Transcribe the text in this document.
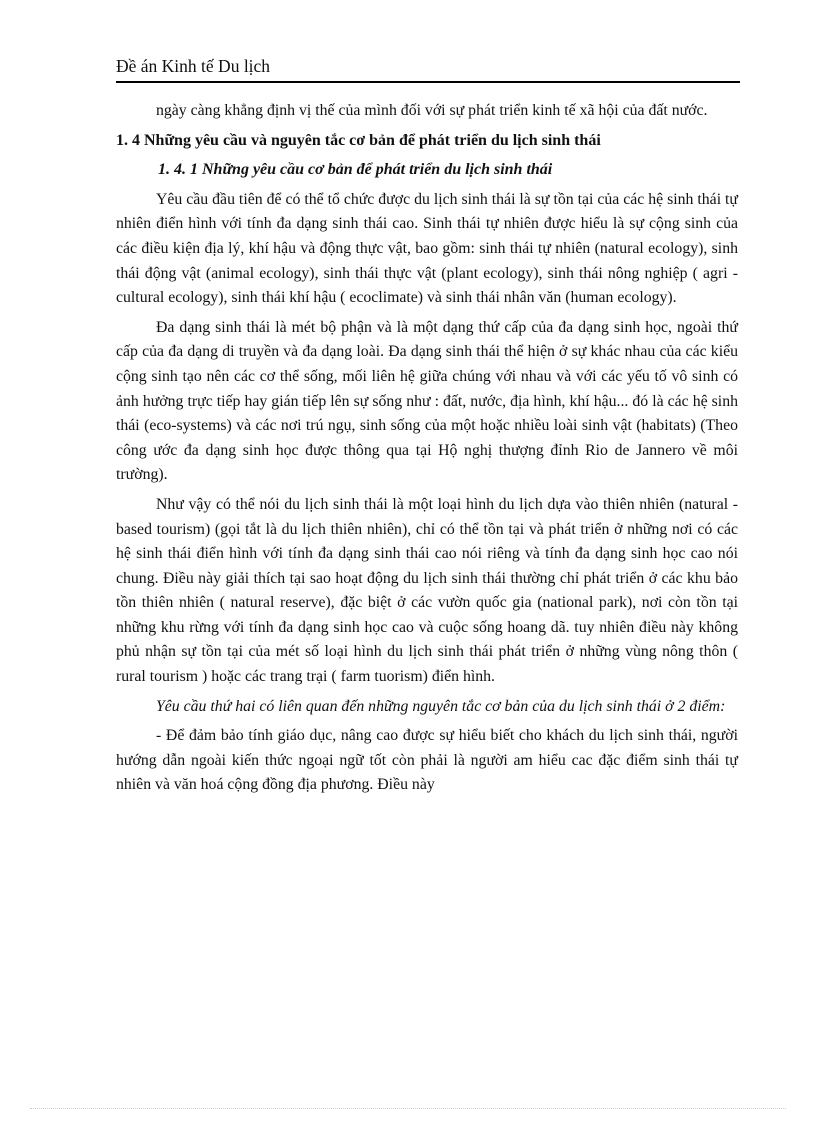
Đề án Kinh tế Du lịch

ngày càng khẳng định vị thế của mình đối với sự phát triển kinh tế xã hội của đất nước.

1. 4 Những yêu cầu và nguyên tắc cơ bản để phát triển du lịch sinh thái
1. 4. 1 Những yêu cầu cơ bản để phát triển du lịch sinh thái

Yêu cầu đầu tiên để có thể tổ chức được du lịch sinh thái là sự tồn tại của các hệ sinh thái tự nhiên điển hình với tính đa dạng sinh thái cao. Sinh thái tự nhiên được hiểu là sự cộng sinh của các điều kiện địa lý, khí hậu và động thực vật, bao gồm: sinh thái tự nhiên (natural ecology), sinh thái động vật (animal ecology), sinh thái thực vật (plant ecology), sinh thái nông nghiệp ( agri - cultural ecology), sinh thái khí hậu ( ecoclimate) và sinh thái nhân văn (human ecology).

Đa dạng sinh thái là mét bộ phận và là một dạng thứ cấp của đa dạng sinh học, ngoài thứ cấp của đa dạng di truyền và đa dạng loài. Đa dạng sinh thái thể hiện ở sự khác nhau của các kiểu cộng sinh tạo nên các cơ thể sống, mối liên hệ giữa chúng với nhau và với các yếu tố vô sinh có ảnh hưởng trực tiếp hay gián tiếp lên sự sống như : đất, nước, địa hình, khí hậu... đó là các hệ sinh thái (eco-systems) và các nơi trú ngụ, sinh sống của một hoặc nhiều loài sinh vật (habitats) (Theo công ước đa dạng sinh học được thông qua tại Hộ nghị thượng đỉnh Rio de Jannero về môi trường).

Như vậy có thể nói du lịch sinh thái là một loại hình du lịch dựa vào thiên nhiên (natural - based tourism) (gọi tắt là du lịch thiên nhiên), chỉ có thể tồn tại và phát triển ở những nơi có các hệ sinh thái điển hình với tính đa dạng sinh thái cao nói riêng và tính đa dạng sinh học cao nói chung. Điều này giải thích tại sao hoạt động du lịch sinh thái thường chỉ phát triển ở các khu bảo tồn thiên nhiên ( natural reserve), đặc biệt ở các vườn quốc gia (national park), nơi còn tồn tại những khu rừng với tính đa dạng sinh học cao và cuộc sống hoang dã. tuy nhiên điều này không phủ nhận sự tồn tại của mét số loại hình du lịch sinh thái phát triển ở những vùng nông thôn ( rural tourism ) hoặc các trang trại ( farm tuorism) điển hình.

Yêu cầu thứ hai có liên quan đến những nguyên tắc cơ bản của du lịch sinh thái ở 2 điểm:

- Để đảm bảo tính giáo dục, nâng cao được sự hiểu biết cho khách du lịch sinh thái, người hướng dẫn ngoài kiến thức ngoại ngữ tốt còn phải là người am hiểu cac đặc điểm sinh thái tự nhiên và văn hoá cộng đồng địa phương. Điều này
